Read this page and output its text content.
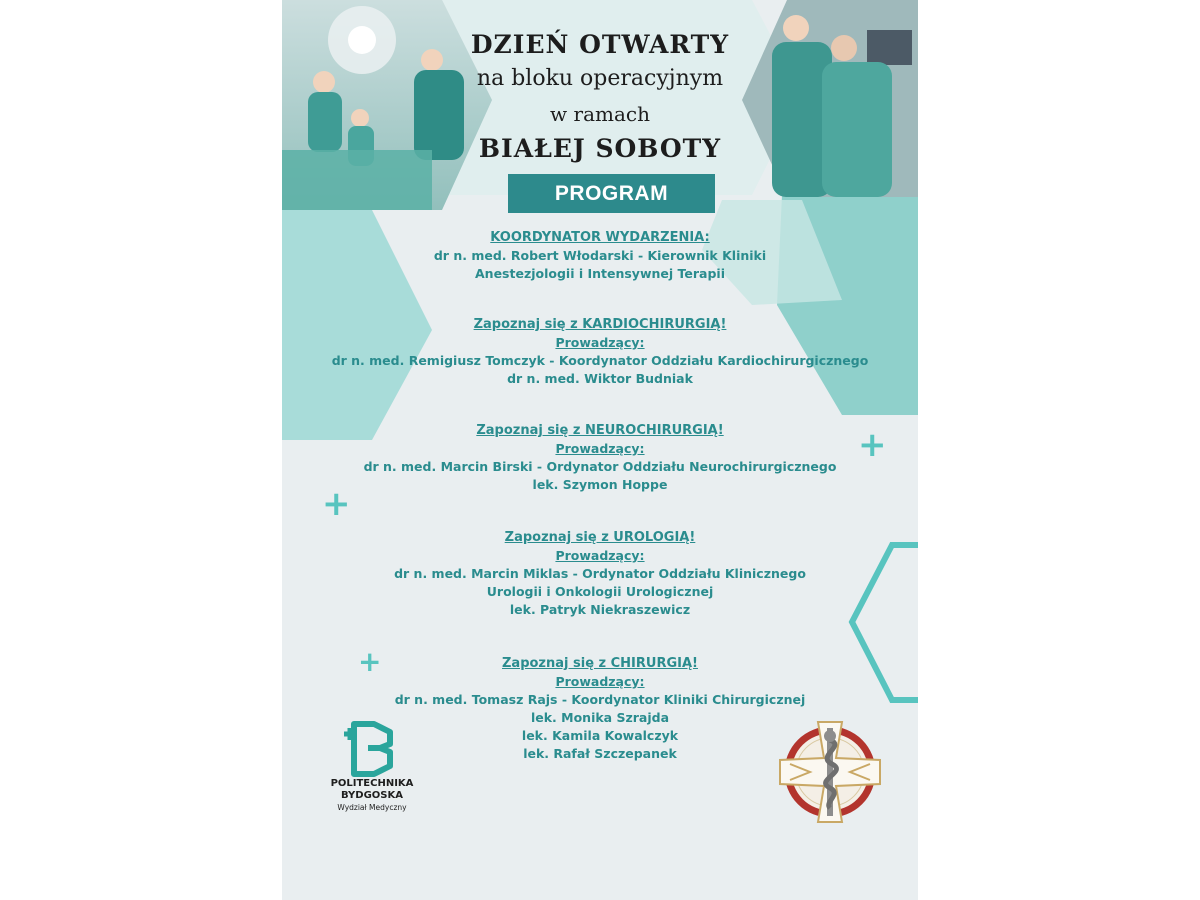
DZIEŃ OTWARTY
na bloku operacyjnym
w ramach
BIAŁEJ SOBOTY
PROGRAM
KOORDYNATOR WYDARZENIA:
dr n. med. Robert Włodarski - Kierownik Kliniki
Anestezjologii i Intensywnej Terapii
Zapoznaj się z KARDIOCHIRURGIĄ!
Prowadzący:
dr n. med. Remigiusz Tomczyk - Koordynator Oddziału Kardiochirurgicznego
dr n. med. Wiktor Budniak
Zapoznaj się z NEUROCHIRURGIĄ!
Prowadzący:
dr n. med. Marcin Birski - Ordynator Oddziału Neurochirurgicznego
lek. Szymon Hoppe
Zapoznaj się z UROLOGIĄ!
Prowadzący:
dr n. med. Marcin Miklas - Ordynator Oddziału Klinicznego
Urologii i Onkologii Urologicznej
lek. Patryk Niekraszewicz
Zapoznaj się z CHIRURGIĄ!
Prowadzący:
dr n. med. Tomasz Rajs - Koordynator Kliniki Chirurgicznej
lek. Monika Szrajda
lek. Kamila Kowalczyk
lek. Rafał Szczepanek
+
+
+
POLITECHNIKA
BYDGOSKA
Wydział Medyczny
